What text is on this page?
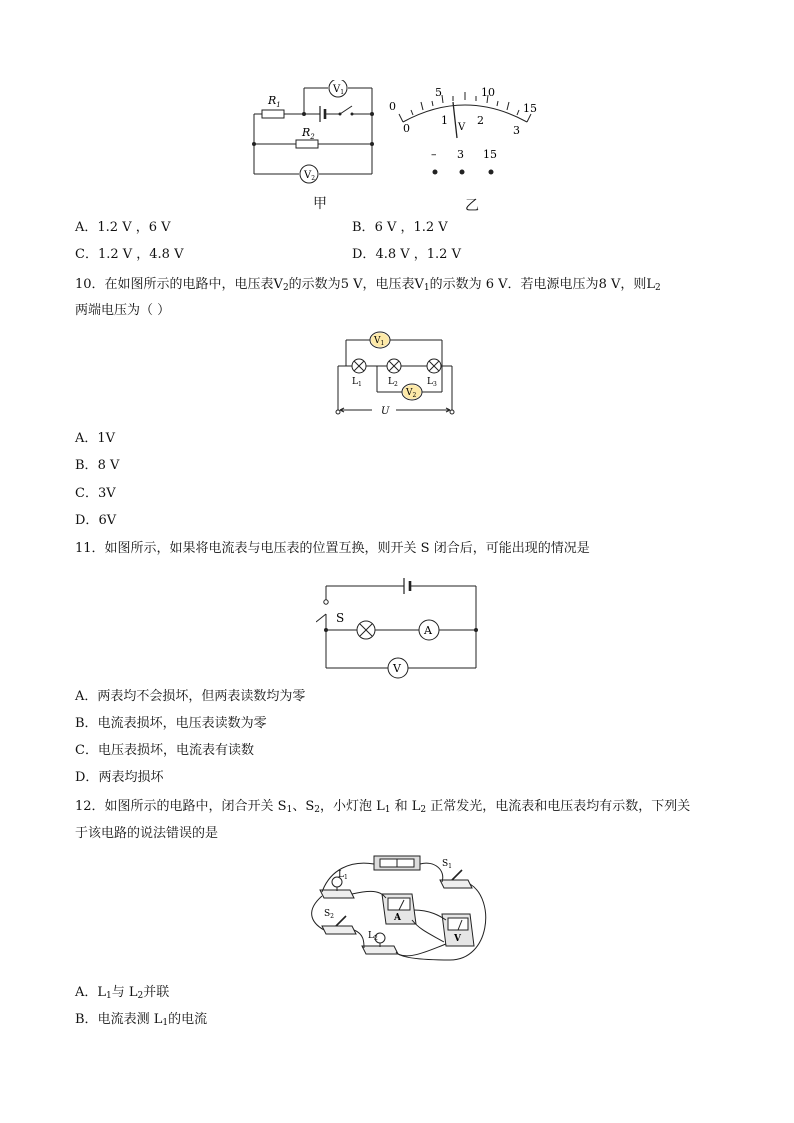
$R_1$
$R_2$
$V_1$
$V_2$
0
5	10
15
0
1	2
3
V
– 3 15
甲	乙
A．1.2 V ，6 V	B．6 V ，1.2 V
C．1.2 V ，4.8 V	D．4.8 V ，1.2 V
10．在如图所示的电路中，电压表$V_2$的示数为5 V，电压表$V_1$的示数为 6 V．若电源电压为8 V，则$L_2$
两端电压为（ ）
$V_1$
$V_2$
$L_1$	$L_2$	$L_3$
U
A．1V
B．8 V
C．3V
D．6V
11．如图所示，如果将电流表与电压表的位置互换，则开关 S 闭合后，可能出现的情况是
S
A
V
A．两表均不会损坏，但两表读数均为零
B．电流表损坏，电压表读数为零
C．电压表损坏，电流表有读数
D．两表均损坏
12．如图所示的电路中，闭合开关 $S_1$、$S_2$，小灯泡 $L_1$ 和 $L_2$ 正常发光，电流表和电压表均有示数，下列关
于该电路的说法错误的是
$L_1$
$S_1$
$S_2$
$L_2$
A
V
A．$L_1$与 $L_2$并联
B．电流表测 $L_1$的电流
